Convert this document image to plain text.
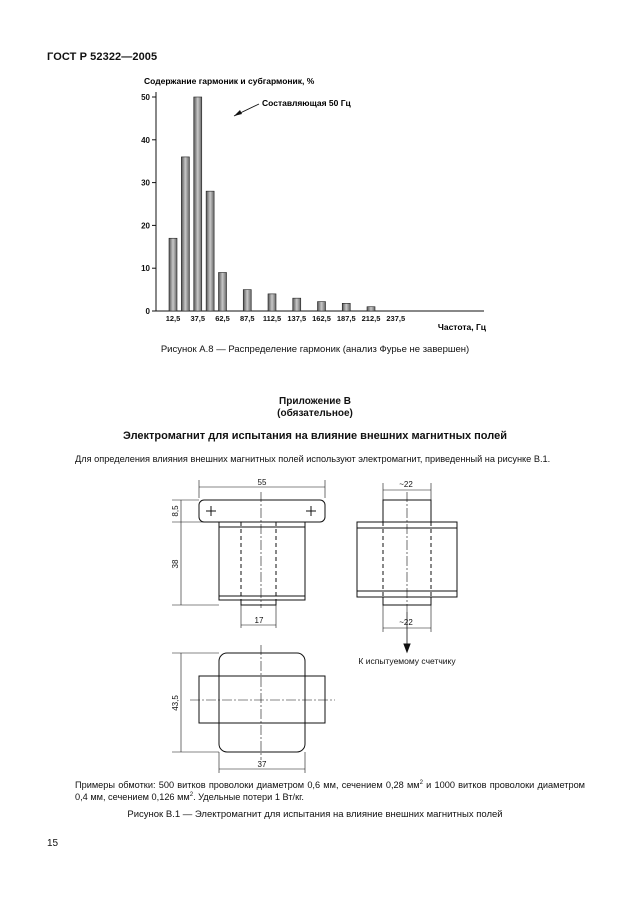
ГОСТ Р 52322—2005
Содержание гармоник и субгармоник, %
0
10
20
30
40
50
12,5 37,5 62,5 87,5 112,5 137,5 162,5 187,5 212,5 237,5
Частота, Гц
Составляющая 50 Гц
Рисунок А.8 — Распределение гармоник (анализ Фурье не завершен)
Приложение В
(обязательное)
Электромагнит для испытания на влияние внешних магнитных полей
Для определения влияния внешних магнитных полей используют электромагнит, приведенный на рисунке В.1.
55
8,5
38
17
~22
~22
К испытуемому счетчику
43,5
37
Примеры обмотки: 500 витков проволоки диаметром 0,6 мм, сечением 0,28 $мм^2$ и 1000 витков проволоки диаметром 0,4 мм, сечением 0,126 $мм^2$. Удельные потери 1 Вт/кг.
Рисунок В.1 — Электромагнит для испытания на влияние внешних магнитных полей
15
